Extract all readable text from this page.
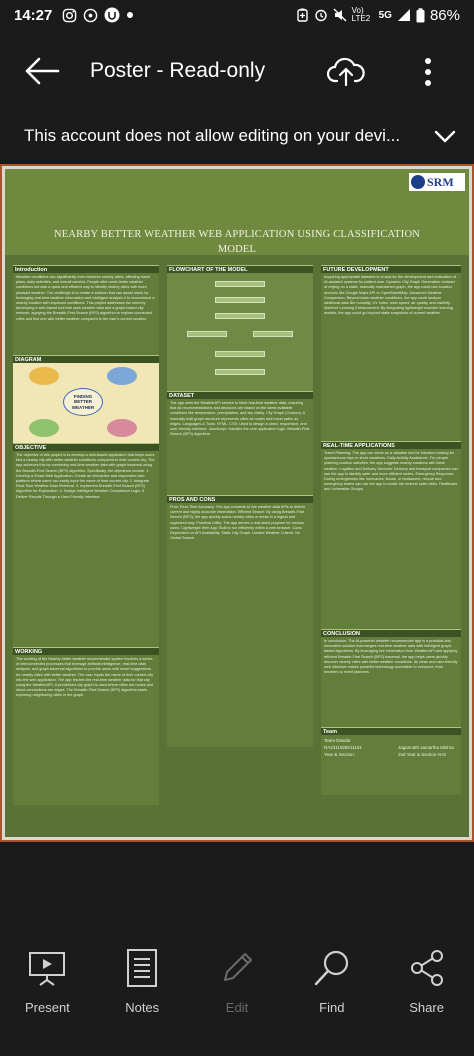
14:27	Vo) LTE2 5G	86%
Poster - Read-only
This account does not allow editing on your devi...
SRM
NEARBY BETTER WEATHER WEB APPLICATION USING CLASSIFICATION
MODEL
Introduction

Weather conditions can significantly even between nearby cities, affecting travel plans, daily activities, and overall comfort. People often seek better weather conditions but lack a quick and efficient way to identify nearby cities with more pleasant weather. The challenge is to create a solution that can assist users by leveraging real-time weather information and intelligent analysis it to recommend a nearby location with improved conditions. This project addresses the need by developing a web-based tool that uses weather data and a graph-based city network, applying the Breadth-First Search (BFS) algorithm to explore connected cities and find one with better weather compared to the user's current location.

DIAGRAM
FINDING
BETTER
WEATHER
OBJECTIVE

The objective of this project is to develop a web-based application that helps users find a nearby city with better weather conditions compared to their current city. The app achieves this by combining real-time weather data with graph traversal using the Breadth-First Search (BFS) algorithm. Specifically, the objectives include: 1. Develop a Smart Web Application: Create an interactive and responsive web platform where users can easily input the name of their current city. 2. Integrate Real-Time Weather Data Retrieval. 3. Implement Breadth-First Search (BFS) Algorithm for Exploration. 4. Design Intelligent Weather Comparison Logic. 5. Deliver Results Through a User-Friendly Interface.

WORKING

The working of the Nearby better weather recommender system involves a series of interconnected processes that leverage artificial intelligence, real-time data analysis, and graph traversal algorithms to provide users with smart suggestions for nearby cities with better weather. The user inputs the name of their current city into the web application. The app fetches the real-time weather data for that city using the WeatherAPI. A predefined city graph is used where cities are nodes and direct connections are edges. The Breadth-First Search (BFS) algorithm starts exploring neighboring cities in the graph.

FLOWCHART OF THE MODEL
DATASET

The app uses the WeatherAPI service to fetch real-time weather data, ensuring that all recommendations and decisions are based on the latest available conditions like temperature, precipitation, and sky clarity. City Graph (Custom): A manually built graph structure represents cities as nodes and travel paths as edges. Languages & Tools: HTML, CSS: Used to design a clean, responsive, and user-friendly interface. JavaScript: Handles the core application logic. Breadth-First Search (BFS) Algorithm.

PROS AND CONS

Pros: Real-Time Accuracy: The app connects to live weather data APIs to deliver current and highly accurate information. Efficient Search: By using Breadth-First Search (BFS), the app quickly scans nearby cities or areas in a logical and organized way. Practical Utility: The app serves a real-world purpose for various users. Lightweight Web App: Built to run efficiently within a web browser. Cons: Dependent on API Availability. Static City Graph. Limited Weather Criteria. No Global Search.

FUTURE DEVELOPMENT

Acquiring appropriate datasets is crucial for the development and evaluation of AI-assisted systems for patient care. Dynamic City Graph Generation: Instead of relying on a static, manually maintained graph, the app could use location services like Google Maps API or OpenStreetMap. Advanced Weather Comparison: Beyond basic weather conditions, the app could analyze additional data like humidity, UV index, wind speed, air quality, and visibility. Machine Learning Enhancement: By integrating lightweight machine learning models, the app could go beyond static snapshots of current weather.

REAL-TIME APPLICATIONS

Travel Planning: The app can serve as a valuable tool for travelers looking for spontaneous trips or short vacations. Daily Activity Assistance: For people planning outdoor activities, the app suggests nearby locations with ideal weather. Logistics and Delivery Services: Delivery and transport companies can use the app to identify safer and more efficient routes. Emergency Response: During emergencies like hurricanes, floods, or heatwaves, rescue and emergency teams can use the app to locate the nearest safer cities. Healthcare and Vulnerable Groups.

CONCLUSION

In conclusion, The Ai-powered weather recommender app is a practical and innovative solution that merges real-time weather data with intelligent graph-based algorithms. By leveraging live information from WeatherAPI and applying efficient Breadth-First Search (BFS) traversal, the app helps users quickly discover nearby cities with better weather conditions. Its clean and user-friendly web interface makes powerful technology accessible to everyone, from travelers to event planners.

Team
Team Details:
RA2311026011101	Jagannath samartha Mishra
Year & Section:	2nd Year & Section AH2
Present	Notes	Edit	Find	Share
